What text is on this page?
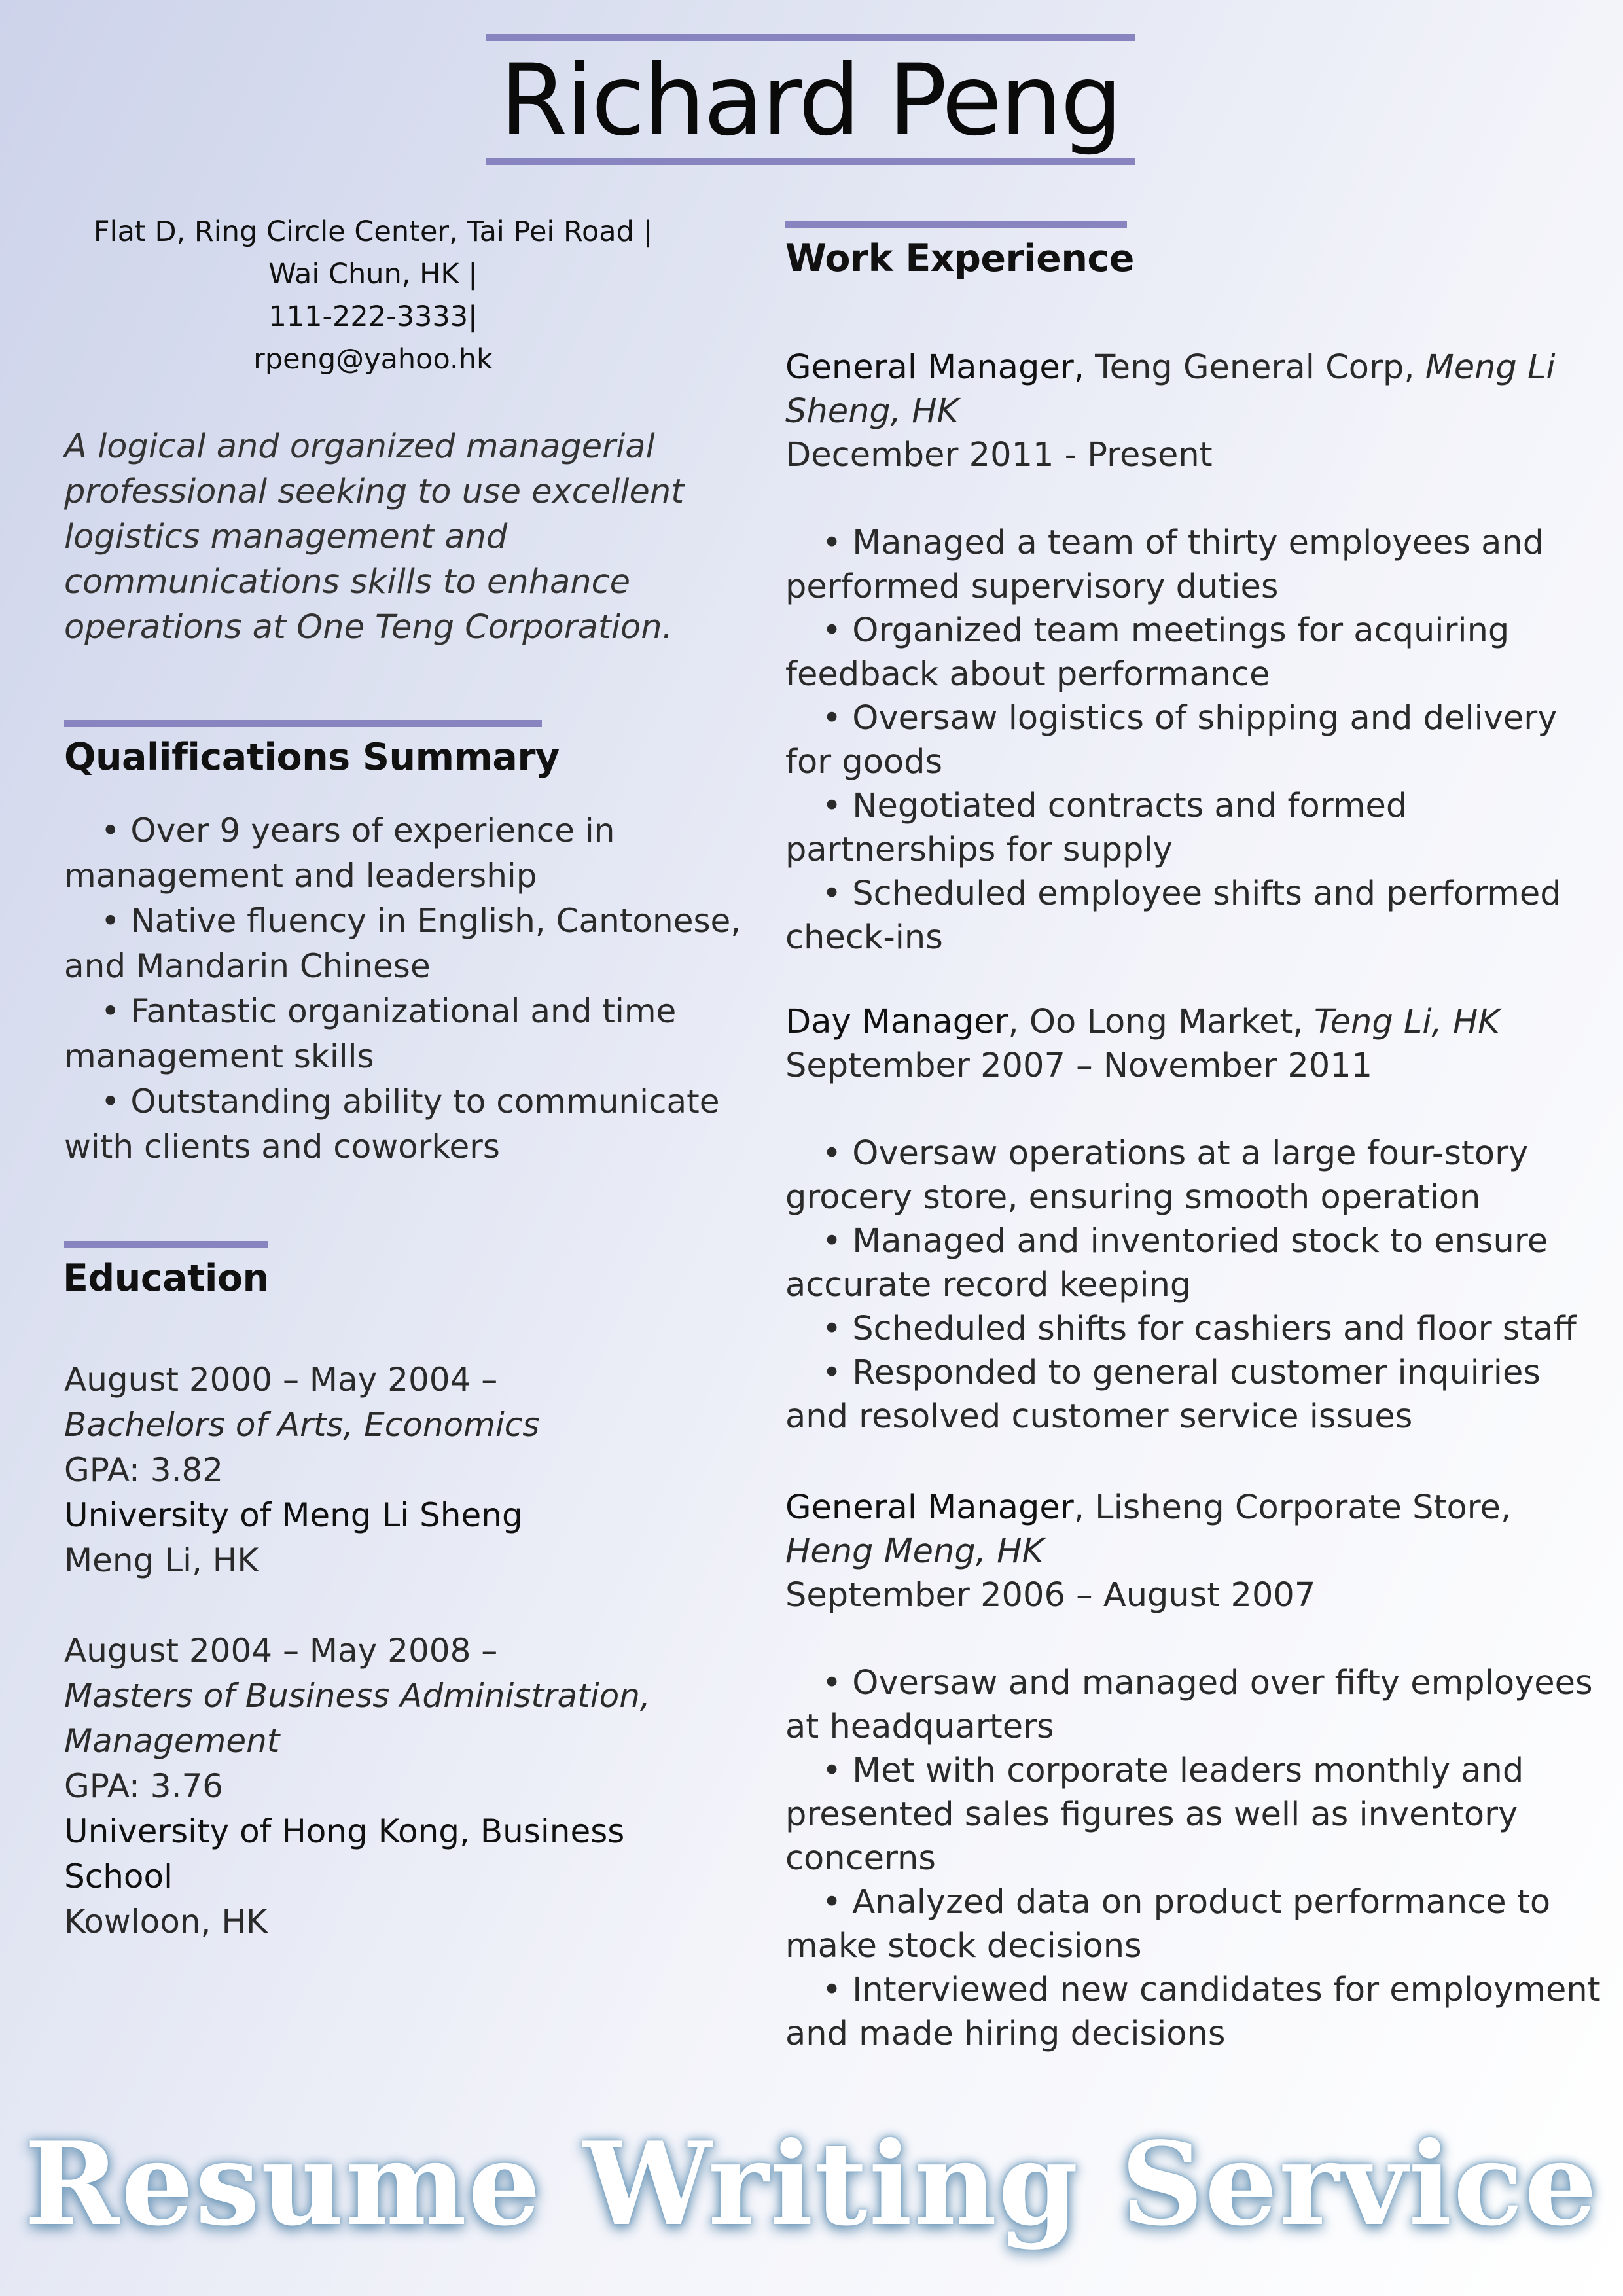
Richard Peng
Flat D, Ring Circle Center, Tai Pei Road |
Wai Chun, HK |
111-222-3333|
rpeng@yahoo.hk
A logical and organized managerial professional seeking to use excellent logistics management and communications skills to enhance operations at One Teng Corporation.
Qualifications Summary
• Over 9 years of experience in management and leadership
• Native fluency in English, Cantonese, and Mandarin Chinese
• Fantastic organizational and time management skills
• Outstanding ability to communicate with clients and coworkers
Education
August 2000 – May 2004 –
Bachelors of Arts, Economics
GPA: 3.82
University of Meng Li Sheng
Meng Li, HK
August 2004 – May 2008 –
Masters of Business Administration, Management
GPA: 3.76
University of Hong Kong, Business School
Kowloon, HK
Work Experience
General Manager, Teng General Corp, Meng Li Sheng, HK
December 2011 - Present
• Managed a team of thirty employees and performed supervisory duties
• Organized team meetings for acquiring feedback about performance
• Oversaw logistics of shipping and delivery for goods
• Negotiated contracts and formed partnerships for supply
• Scheduled employee shifts and performed check-ins
Day Manager, Oo Long Market, Teng Li, HK
September 2007 – November 2011
• Oversaw operations at a large four-story grocery store, ensuring smooth operation
• Managed and inventoried stock to ensure accurate record keeping
• Scheduled shifts for cashiers and floor staff
• Responded to general customer inquiries and resolved customer service issues
General Manager, Lisheng Corporate Store, Heng Meng, HK
September 2006 – August 2007
• Oversaw and managed over fifty employees at headquarters
• Met with corporate leaders monthly and presented sales figures as well as inventory concerns
• Analyzed data on product performance to make stock decisions
• Interviewed new candidates for employment and made hiring decisions
Resume Writing Service
